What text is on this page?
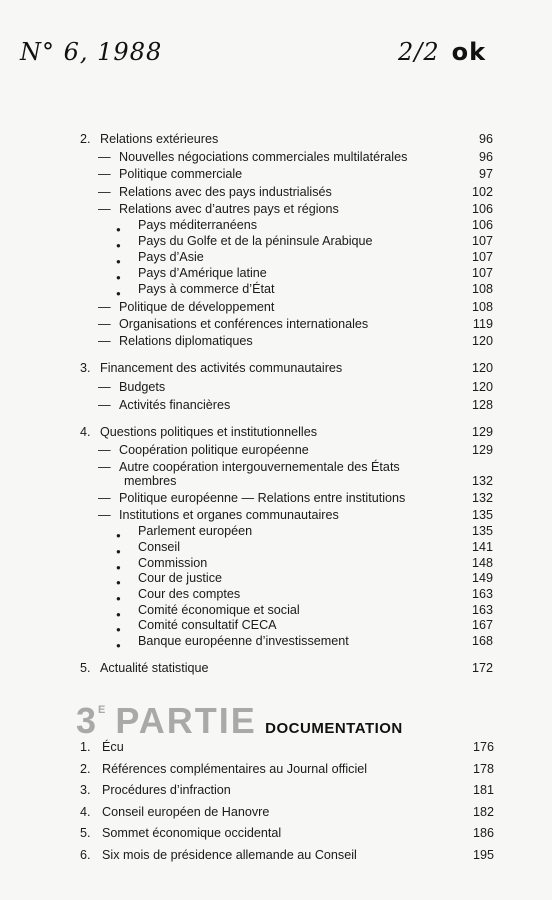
N° 6, 1988	2/2 ok
2. Relations extérieures	96
— Nouvelles négociations commerciales multilatérales	96
— Politique commerciale	97
— Relations avec des pays industrialisés	102
— Relations avec d’autres pays et régions	106
● Pays méditerranéens	106
● Pays du Golfe et de la péninsule Arabique	107
● Pays d’Asie	107
● Pays d’Amérique latine	107
● Pays à commerce d’État	108
— Politique de développement	108
— Organisations et conférences internationales	119
— Relations diplomatiques	120
3. Financement des activités communautaires	120
— Budgets	120
— Activités financières	128
4. Questions politiques et institutionnelles	129
— Coopération politique européenne	129
— Autre coopération intergouvernementale des États
membres	132
— Politique européenne — Relations entre institutions	132
— Institutions et organes communautaires	135
● Parlement européen	135
● Conseil	141
● Commission	148
● Cour de justice	149
● Cour des comptes	163
● Comité économique et social	163
● Comité consultatif CECA	167
● Banque européenne d’investissement	168
5. Actualité statistique	172
$3^E$ PARTIE DOCUMENTATION
1. Écu	176
2. Références complémentaires au Journal officiel	178
3. Procédures d’infraction	181
4. Conseil européen de Hanovre	182
5. Sommet économique occidental	186
6. Six mois de présidence allemande au Conseil	195
